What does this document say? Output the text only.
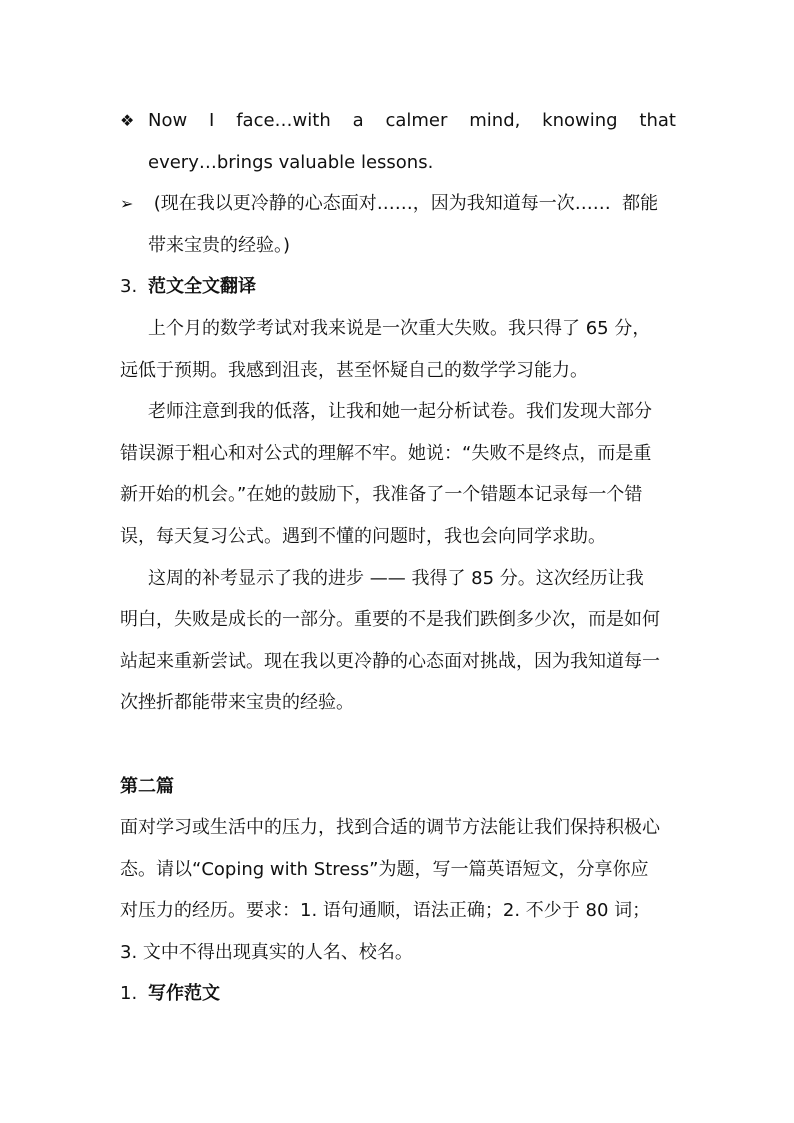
❖ Now I face…with a calmer mind, knowing that
every…brings valuable lessons.
➢ (现在我以更冷静的心态面对……，因为我知道每一次……  都能
带来宝贵的经验。)
3. 范文全文翻译
上个月的数学考试对我来说是一次重大失败。我只得了 65 分，
远低于预期。我感到沮丧，甚至怀疑自己的数学学习能力。
老师注意到我的低落，让我和她一起分析试卷。我们发现大部分
错误源于粗心和对公式的理解不牢。她说：“失败不是终点，而是重
新开始的机会。”在她的鼓励下，我准备了一个错题本记录每一个错
误，每天复习公式。遇到不懂的问题时，我也会向同学求助。
这周的补考显示了我的进步 —— 我得了 85 分。这次经历让我
明白，失败是成长的一部分。重要的不是我们跌倒多少次，而是如何
站起来重新尝试。现在我以更冷静的心态面对挑战，因为我知道每一
次挫折都能带来宝贵的经验。
第二篇
面对学习或生活中的压力，找到合适的调节方法能让我们保持积极心
态。请以“Coping with Stress”为题，写一篇英语短文，分享你应
对压力的经历。要求：1. 语句通顺，语法正确；2. 不少于 80 词；
3. 文中不得出现真实的人名、校名。
1. 写作范文
